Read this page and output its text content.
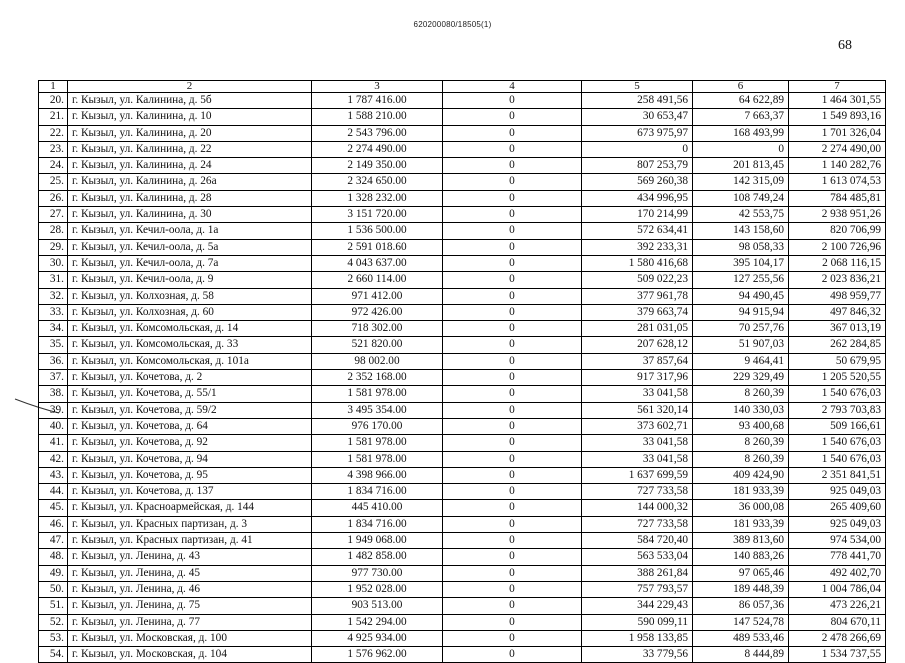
620200080/18505(1)
68
1	2	3	4	5	6	7
20.	г. Кызыл, ул. Калинина, д. 5б	1 787 416.00	0	258 491,56	64 622,89	1 464 301,55
21.	г. Кызыл, ул. Калинина, д. 10	1 588 210.00	0	30 653,47	7 663,37	1 549 893,16
22.	г. Кызыл, ул. Калинина, д. 20	2 543 796.00	0	673 975,97	168 493,99	1 701 326,04
23.	г. Кызыл, ул. Калинина, д. 22	2 274 490.00	0	0	0	2 274 490,00
24.	г. Кызыл, ул. Калинина, д. 24	2 149 350.00	0	807 253,79	201 813,45	1 140 282,76
25.	г. Кызыл, ул. Калинина, д. 26а	2 324 650.00	0	569 260,38	142 315,09	1 613 074,53
26.	г. Кызыл, ул. Калинина, д. 28	1 328 232.00	0	434 996,95	108 749,24	784 485,81
27.	г. Кызыл, ул. Калинина, д. 30	3 151 720.00	0	170 214,99	42 553,75	2 938 951,26
28.	г. Кызыл, ул. Кечил-оола, д. 1а	1 536 500.00	0	572 634,41	143 158,60	820 706,99
29.	г. Кызыл, ул. Кечил-оола, д. 5а	2 591 018.60	0	392 233,31	98 058,33	2 100 726,96
30.	г. Кызыл, ул. Кечил-оола, д. 7а	4 043 637.00	0	1 580 416,68	395 104,17	2 068 116,15
31.	г. Кызыл, ул. Кечил-оола, д. 9	2 660 114.00	0	509 022,23	127 255,56	2 023 836,21
32.	г. Кызыл, ул. Колхозная, д. 58	971 412.00	0	377 961,78	94 490,45	498 959,77
33.	г. Кызыл, ул. Колхозная, д. 60	972 426.00	0	379 663,74	94 915,94	497 846,32
34.	г. Кызыл, ул. Комсомольская, д. 14	718 302.00	0	281 031,05	70 257,76	367 013,19
35.	г. Кызыл, ул. Комсомольская, д. 33	521 820.00	0	207 628,12	51 907,03	262 284,85
36.	г. Кызыл, ул. Комсомольская, д. 101а	98 002.00	0	37 857,64	9 464,41	50 679,95
37.	г. Кызыл, ул. Кочетова, д. 2	2 352 168.00	0	917 317,96	229 329,49	1 205 520,55
38.	г. Кызыл, ул. Кочетова, д. 55/1	1 581 978.00	0	33 041,58	8 260,39	1 540 676,03
39.	г. Кызыл, ул. Кочетова, д. 59/2	3 495 354.00	0	561 320,14	140 330,03	2 793 703,83
40.	г. Кызыл, ул. Кочетова, д. 64	976 170.00	0	373 602,71	93 400,68	509 166,61
41.	г. Кызыл, ул. Кочетова, д. 92	1 581 978.00	0	33 041,58	8 260,39	1 540 676,03
42.	г. Кызыл, ул. Кочетова, д. 94	1 581 978.00	0	33 041,58	8 260,39	1 540 676,03
43.	г. Кызыл, ул. Кочетова, д. 95	4 398 966.00	0	1 637 699,59	409 424,90	2 351 841,51
44.	г. Кызыл, ул. Кочетова, д. 137	1 834 716.00	0	727 733,58	181 933,39	925 049,03
45.	г. Кызыл, ул. Красноармейская, д. 144	445 410.00	0	144 000,32	36 000,08	265 409,60
46.	г. Кызыл, ул. Красных партизан, д. 3	1 834 716.00	0	727 733,58	181 933,39	925 049,03
47.	г. Кызыл, ул. Красных партизан, д. 41	1 949 068.00	0	584 720,40	389 813,60	974 534,00
48.	г. Кызыл, ул. Ленина, д. 43	1 482 858.00	0	563 533,04	140 883,26	778 441,70
49.	г. Кызыл, ул. Ленина, д. 45	977 730.00	0	388 261,84	97 065,46	492 402,70
50.	г. Кызыл, ул. Ленина, д. 46	1 952 028.00	0	757 793,57	189 448,39	1 004 786,04
51.	г. Кызыл, ул. Ленина, д. 75	903 513.00	0	344 229,43	86 057,36	473 226,21
52.	г. Кызыл, ул. Ленина, д. 77	1 542 294.00	0	590 099,11	147 524,78	804 670,11
53.	г. Кызыл, ул. Московская, д. 100	4 925 934.00	0	1 958 133,85	489 533,46	2 478 266,69
54.	г. Кызыл, ул. Московская, д. 104	1 576 962.00	0	33 779,56	8 444,89	1 534 737,55
